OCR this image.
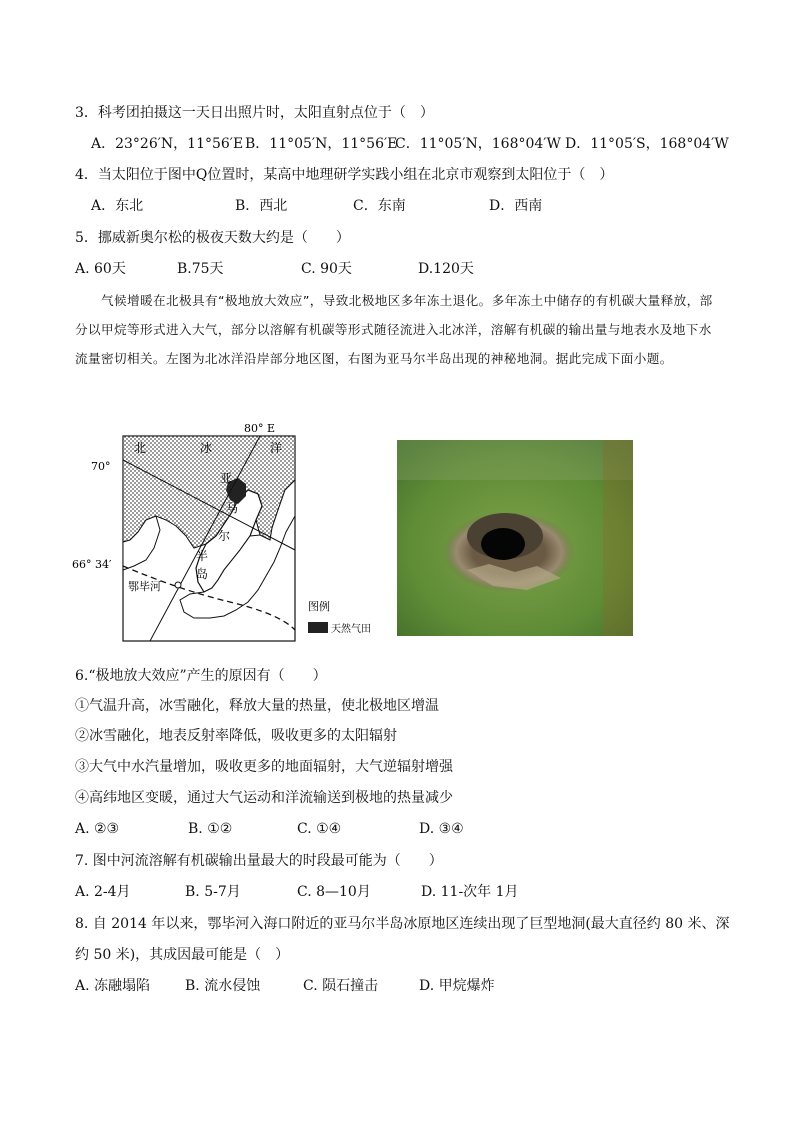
3．科考团拍摄这一天日出照片时，太阳直射点位于（　）
A．23°26′N，11°56′E B．11°05′N，11°56′E
C．11°05′N，168°04′W D．11°05′S，168°04′W
4．当太阳位于图中Q位置时，某高中地理研学实践小组在北京市观察到太阳位于（　）
A．东北	B．西北	C．东南	D．西南
5．挪威新奥尔松的极夜天数大约是（　　）
A. 60天	B.75天	C. 90天	D.120天
气候增暖在北极具有“极地放大效应”，导致北极地区多年冻土退化。多年冻土中储存的有机碳大量释放，部分以甲烷等形式进入大气，部分以溶解有机碳等形式随径流进入北冰洋，溶解有机碳的输出量与地表水及地下水流量密切相关。左图为北冰洋沿岸部分地区图，右图为亚马尔半岛出现的神秘地洞。据此完成下面小题。
80° E
70°
66° 34′
北	冰	洋
亚
马
尔
半
岛
鄂毕河
图例
天然气田
6.“极地放大效应”产生的原因有（　　）
①气温升高，冰雪融化，释放大量的热量，使北极地区增温
②冰雪融化，地表反射率降低，吸收更多的太阳辐射
③大气中水汽量增加，吸收更多的地面辐射，大气逆辐射增强
④高纬地区变暖，通过大气运动和洋流输送到极地的热量减少
A. ②③	B. ①②	C. ①④	D. ③④
7. 图中河流溶解有机碳输出量最大的时段最可能为（　　）
A. 2-4月	B. 5-7月	C. 8—10月	D. 11-次年 1月
8. 自 2014 年以来，鄂毕河入海口附近的亚马尔半岛冰原地区连续出现了巨型地洞(最大直径约 80 米、深
约 50 米)，其成因最可能是（　）
A. 冻融塌陷 B. 流水侵蚀	C. 陨石撞击	D. 甲烷爆炸
